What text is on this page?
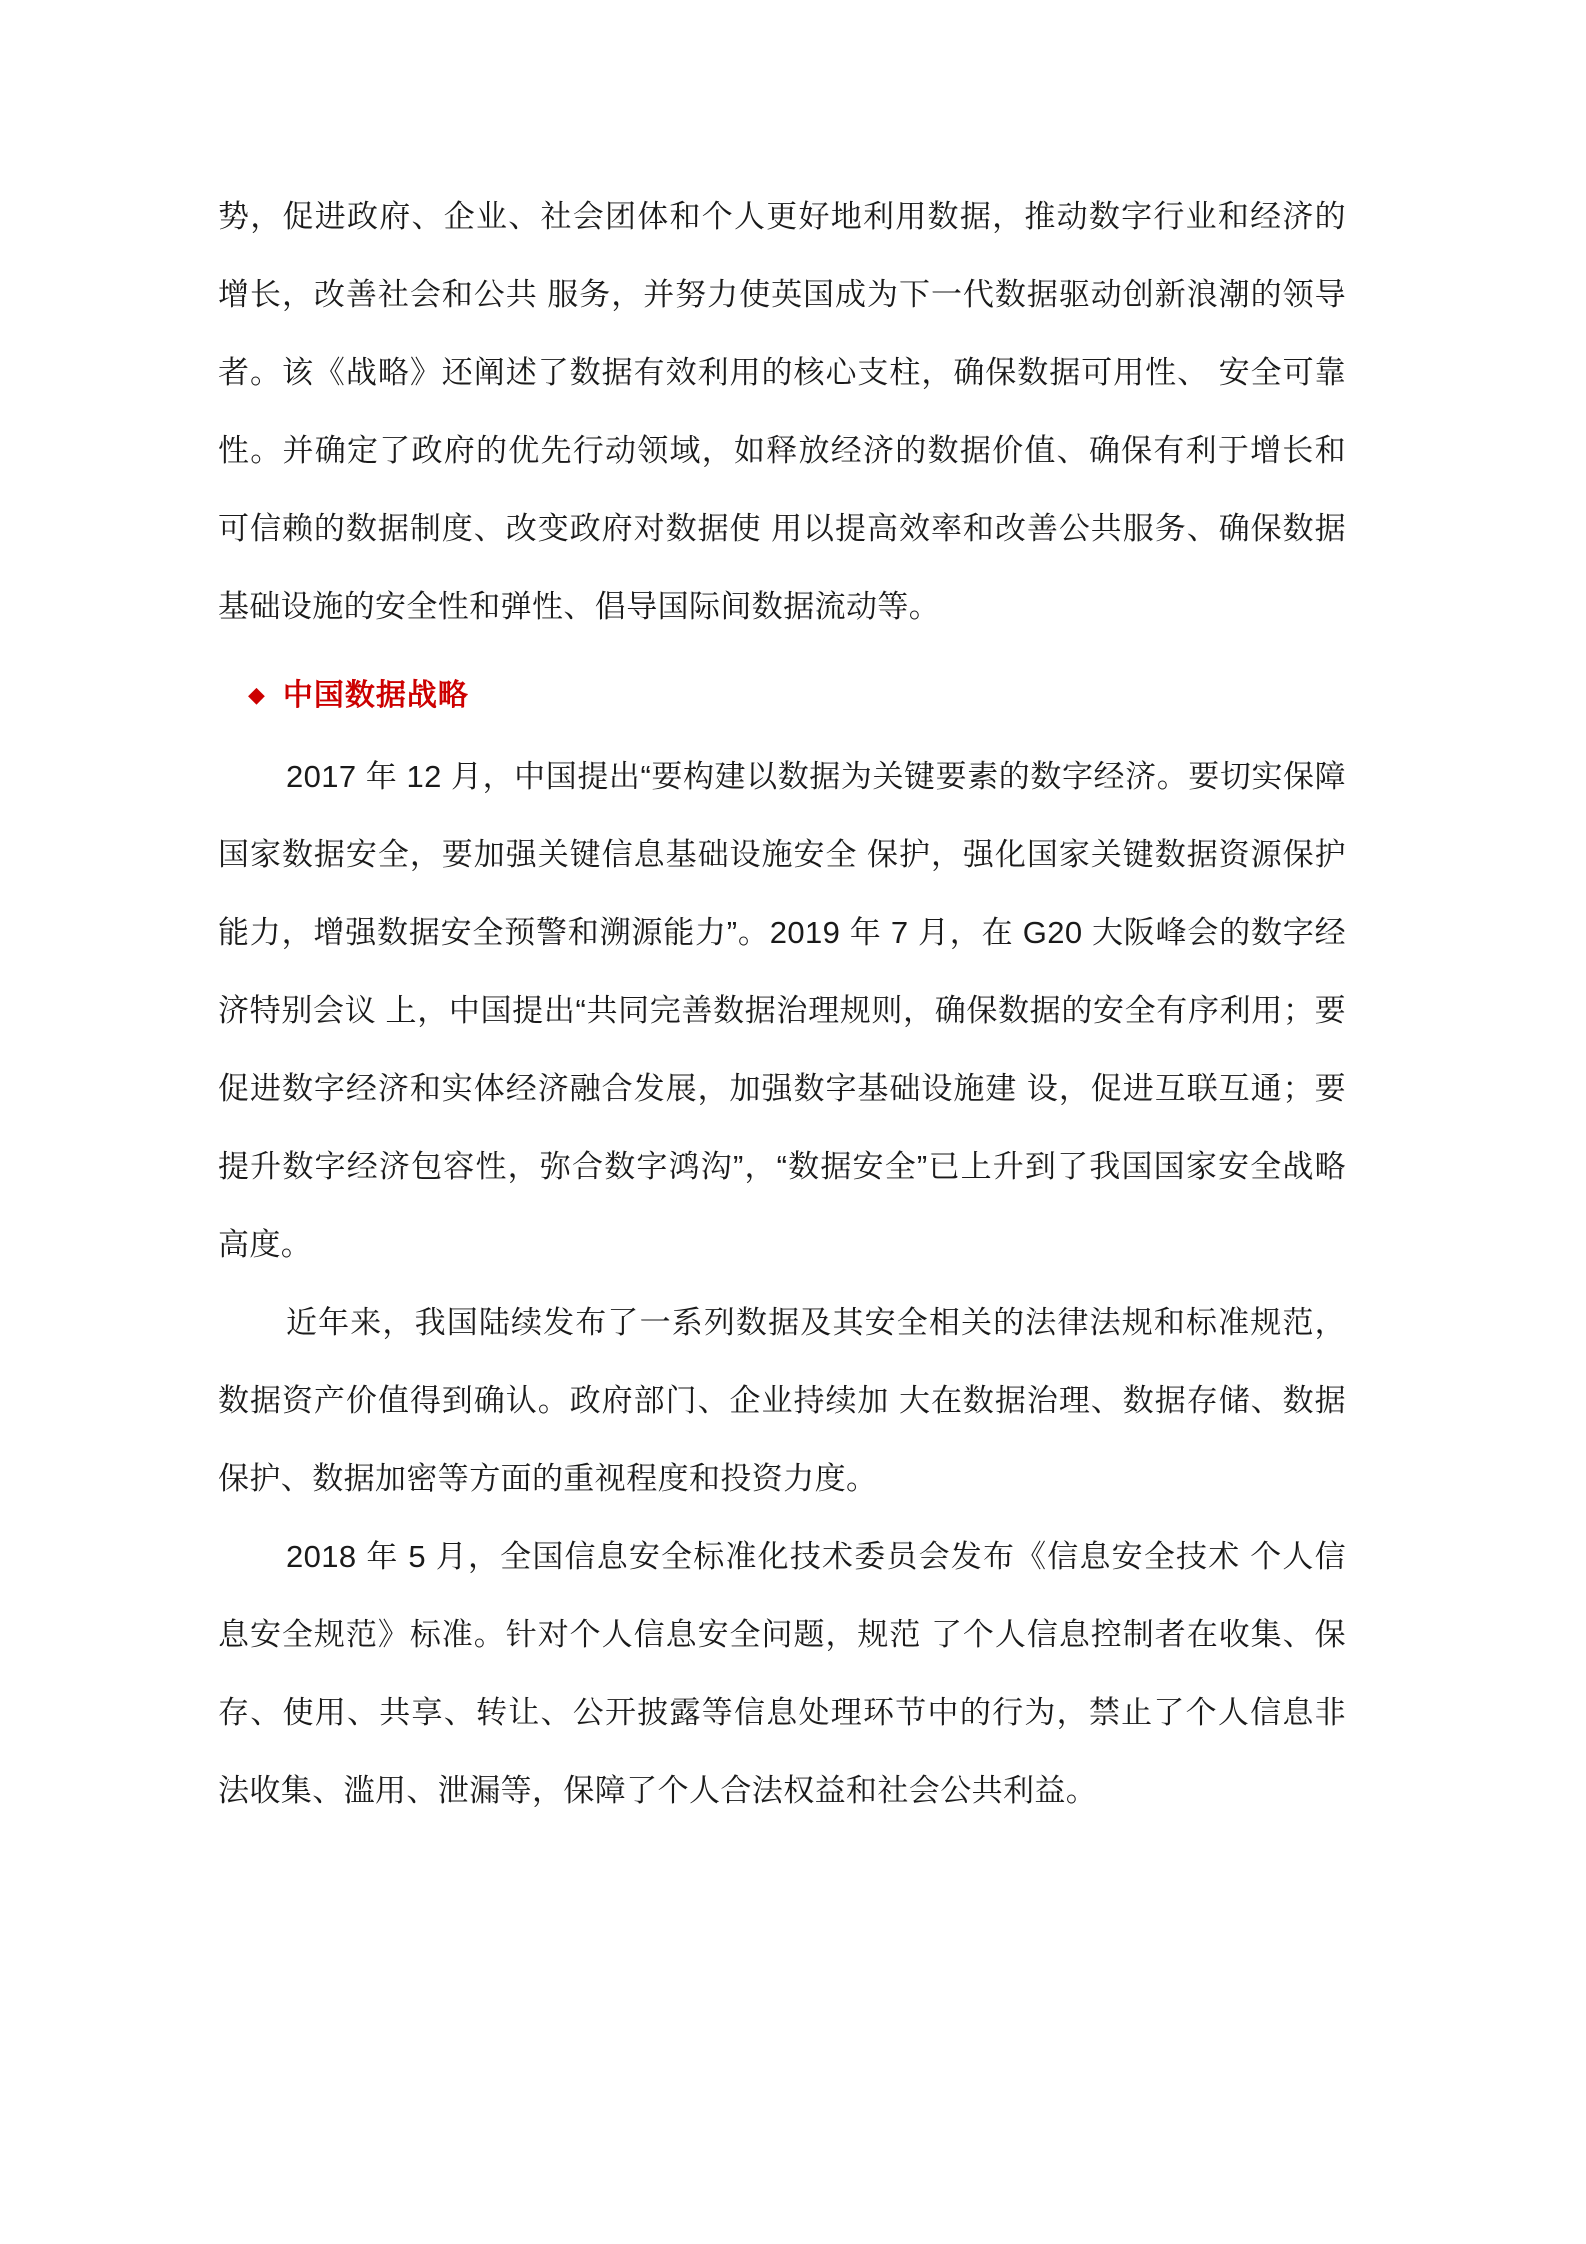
势，促进政府、企业、社会团体和个人更好地利用数据，推动数字行业和经济的增长，改善社会和公共 服务，并努力使英国成为下一代数据驱动创新浪潮的领导者。该《战略》还阐述了数据有效利用的核心支柱，确保数据可用性、 安全可靠性。并确定了政府的优先行动领域，如释放经济的数据价值、确保有利于增长和可信赖的数据制度、改变政府对数据使 用以提高效率和改善公共服务、确保数据基础设施的安全性和弹性、倡导国际间数据流动等。

◆ 中国数据战略

2017 年 12 月，中国提出“要构建以数据为关键要素的数字经济。要切实保障国家数据安全，要加强关键信息基础设施安全 保护，强化国家关键数据资源保护能力，增强数据安全预警和溯源能力”。2019 年 7 月，在 G20 大阪峰会的数字经济特别会议 上，中国提出“共同完善数据治理规则，确保数据的安全有序利用；要促进数字经济和实体经济融合发展，加强数字基础设施建 设，促进互联互通；要提升数字经济包容性，弥合数字鸿沟”，“数据安全”已上升到了我国国家安全战略高度。

近年来，我国陆续发布了一系列数据及其安全相关的法律法规和标准规范，数据资产价值得到确认。政府部门、企业持续加 大在数据治理、数据存储、数据保护、数据加密等方面的重视程度和投资力度。

2018 年 5 月，全国信息安全标准化技术委员会发布《信息安全技术 个人信息安全规范》标准。针对个人信息安全问题，规范 了个人信息控制者在收集、保存、使用、共享、转让、公开披露等信息处理环节中的行为，禁止了个人信息非法收集、滥用、泄漏等，保障了个人合法权益和社会公共利益。
